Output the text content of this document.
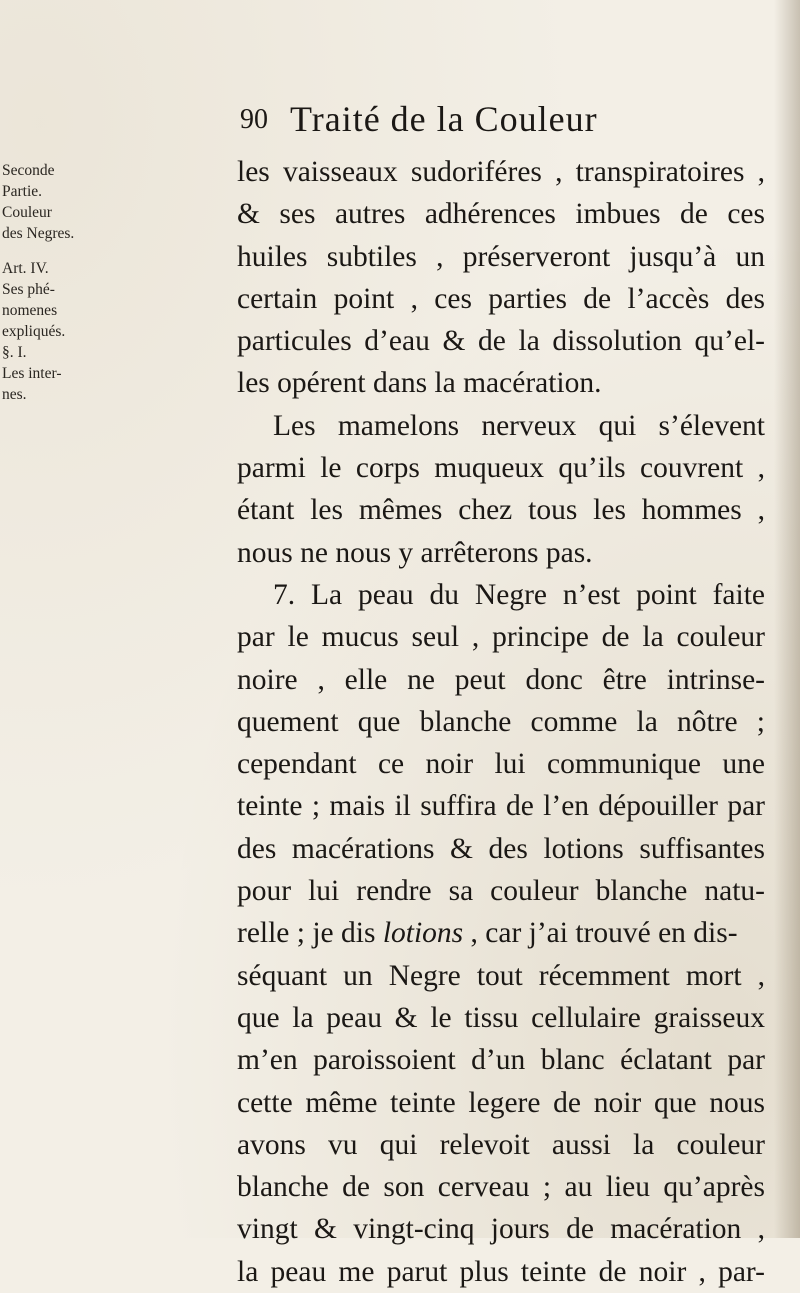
90 Traité de la Couleur
Seconde
Partie.
Couleur
des Negres.
Art. IV.
Ses phé-
nomenes
expliqués.
§. I.
Les inter-
nes.
les vaisseaux sudoriféres , transpiratoires ,
& ses autres adhérences imbues de ces
huiles subtiles , préserveront jusqu’à un
certain point , ces parties de l’accès des
particules d’eau & de la dissolution qu’el-
les opérent dans la macération.
Les mamelons nerveux qui s’élevent
parmi le corps muqueux qu’ils couvrent ,
étant les mêmes chez tous les hommes ,
nous ne nous y arrêterons pas.
7. La peau du Negre n’est point faite
par le mucus seul , principe de la couleur
noire , elle ne peut donc être intrinse-
quement que blanche comme la nôtre ;
cependant ce noir lui communique une
teinte ; mais il suffira de l’en dépouiller par
des macérations & des lotions suffisantes
pour lui rendre sa couleur blanche natu-
relle ; je dis lotions , car j’ai trouvé en dis-
séquant un Negre tout récemment mort ,
que la peau & le tissu cellulaire graisseux
m’en paroissoient d’un blanc éclatant par
cette même teinte legere de noir que nous
avons vu qui relevoit aussi la couleur
blanche de son cerveau ; au lieu qu’après
vingt & vingt-cinq jours de macération ,
la peau me parut plus teinte de noir , par-
